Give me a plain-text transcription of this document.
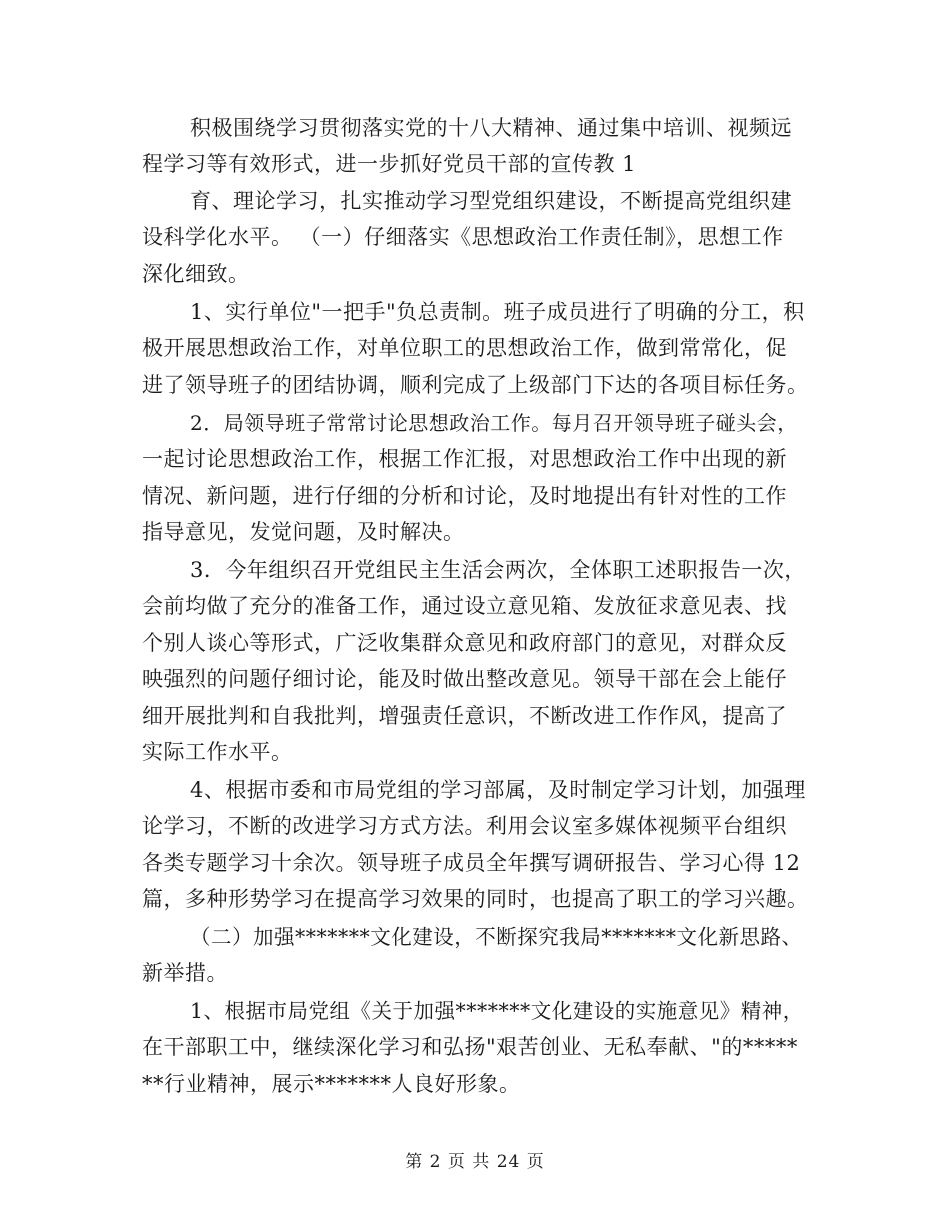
积极围绕学习贯彻落实党的十八大精神、通过集中培训、视频远
程学习等有效形式，进一步抓好党员干部的宣传教 1
育、理论学习，扎实推动学习型党组织建设，不断提高党组织建
设科学化水平。 （一）仔细落实《思想政治工作责任制》，思想工作
深化细致。
1、实行单位"一把手"负总责制。班子成员进行了明确的分工，积
极开展思想政治工作，对单位职工的思想政治工作，做到常常化，促
进了领导班子的团结协调，顺利完成了上级部门下达的各项目标任务。
2．局领导班子常常讨论思想政治工作。每月召开领导班子碰头会，
一起讨论思想政治工作，根据工作汇报，对思想政治工作中出现的新
情况、新问题，进行仔细的分析和讨论，及时地提出有针对性的工作
指导意见，发觉问题，及时解决。
3．今年组织召开党组民主生活会两次，全体职工述职报告一次，
会前均做了充分的准备工作，通过设立意见箱、发放征求意见表、找
个别人谈心等形式，广泛收集群众意见和政府部门的意见，对群众反
映强烈的问题仔细讨论，能及时做出整改意见。领导干部在会上能仔
细开展批判和自我批判，增强责任意识，不断改进工作作风，提高了
实际工作水平。
4、根据市委和市局党组的学习部属，及时制定学习计划，加强理
论学习，不断的改进学习方式方法。利用会议室多媒体视频平台组织
各类专题学习十余次。领导班子成员全年撰写调研报告、学习心得 12
篇，多种形势学习在提高学习效果的同时，也提高了职工的学习兴趣。
（二）加强*******文化建设，不断探究我局*******文化新思路、
新举措。
1、根据市局党组《关于加强*******文化建设的实施意见》精神，
在干部职工中，继续深化学习和弘扬"艰苦创业、无私奉献、"的*****
**行业精神，展示*******人良好形象。
第 2 页 共 24 页
